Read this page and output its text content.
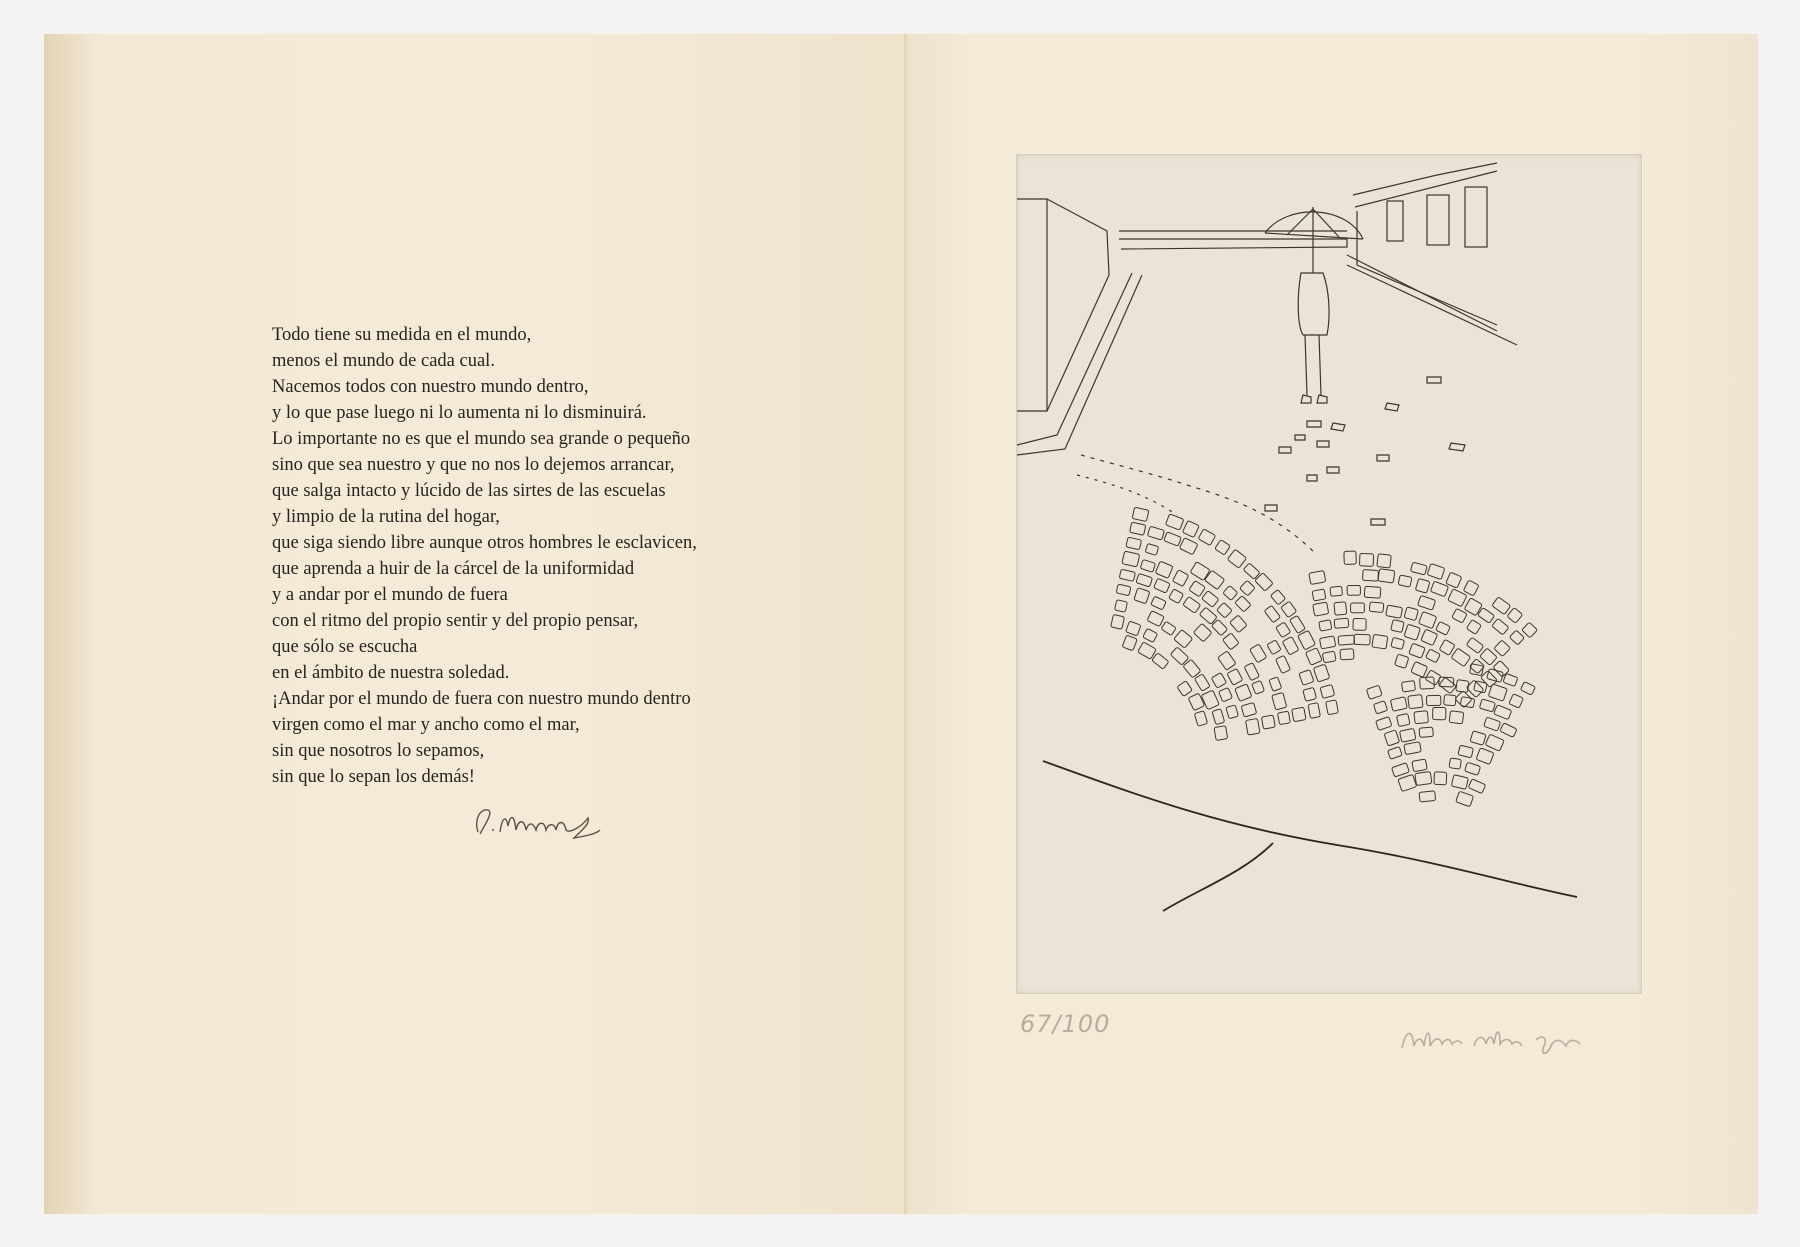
Todo tiene su medida en el mundo,
menos el mundo de cada cual.
Nacemos todos con nuestro mundo dentro,
y lo que pase luego ni lo aumenta ni lo disminuirá.
Lo importante no es que el mundo sea grande o pequeño
sino que sea nuestro y que no nos lo dejemos arrancar,
que salga intacto y lúcido de las sirtes de las escuelas
y limpio de la rutina del hogar,
que siga siendo libre aunque otros hombres le esclavicen,
que aprenda a huir de la cárcel de la uniformidad
y a andar por el mundo de fuera
con el ritmo del propio sentir y del propio pensar,
que sólo se escucha
en el ámbito de nuestra soledad.
¡Andar por el mundo de fuera con nuestro mundo dentro
virgen como el mar y ancho como el mar,
sin que nosotros lo sepamos,
sin que lo sepan los demás!
67/100
